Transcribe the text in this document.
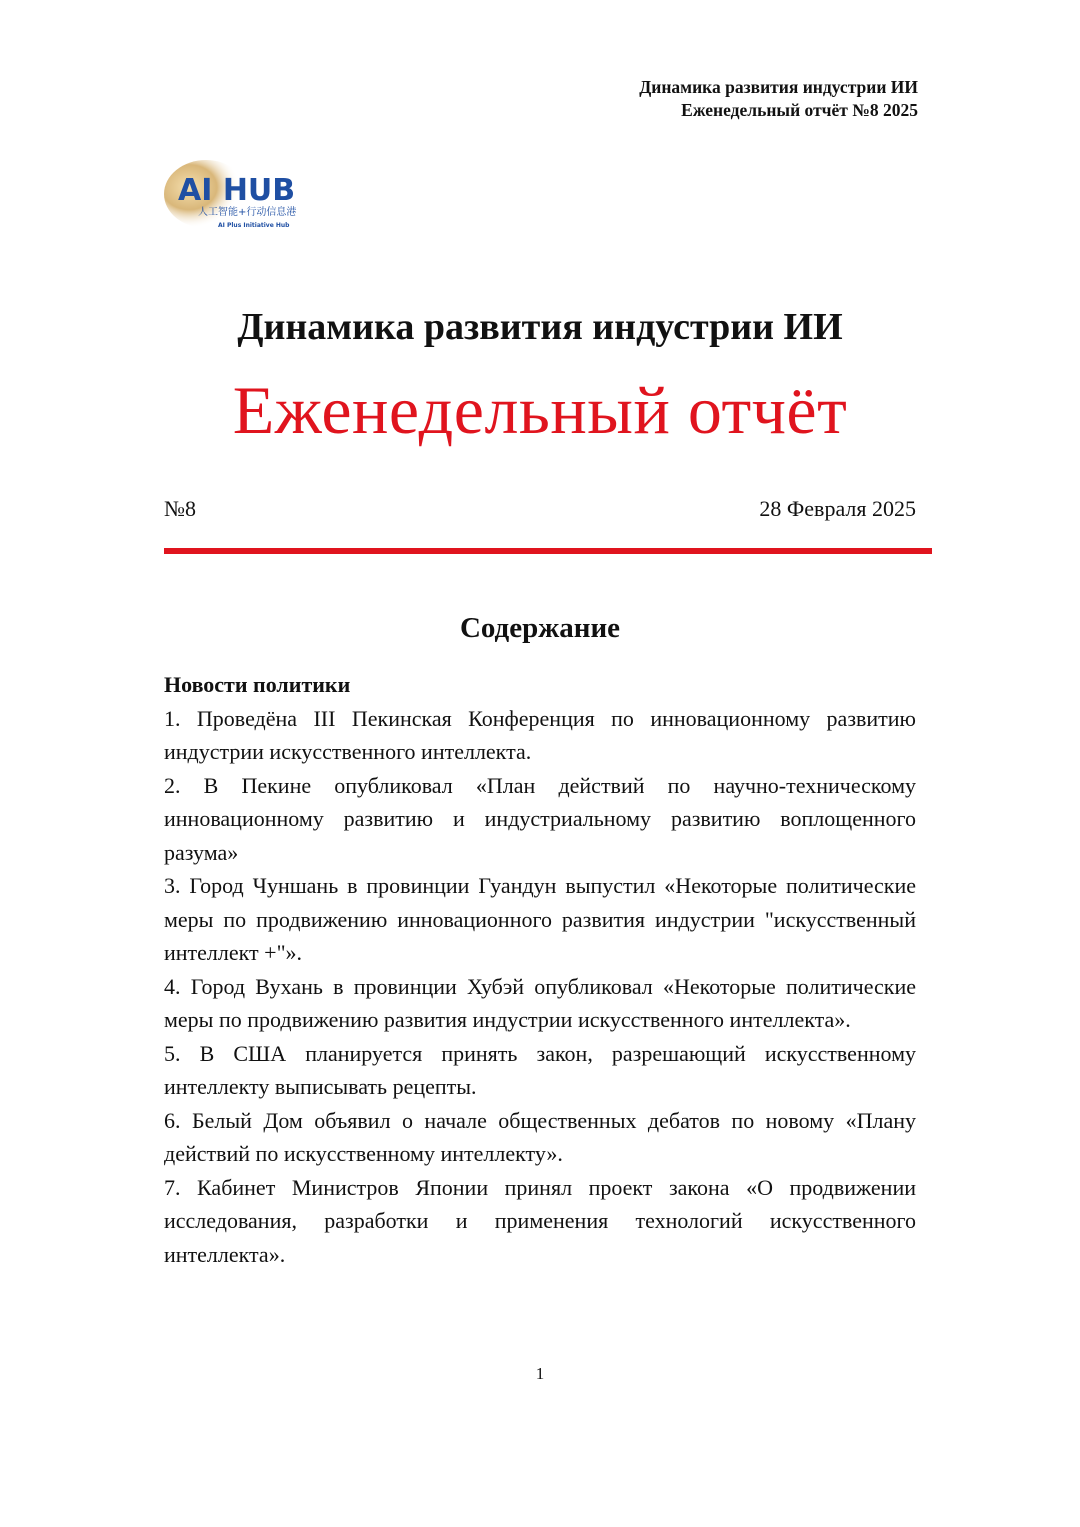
Динамика развития индустрии ИИ
Еженедельный отчёт №8 2025
AI HUB
人工智能+行动信息港
AI Plus Initiative Hub
Динамика развития индустрии ИИ
Еженедельный отчёт
№8	28 Февраля 2025
Содержание
Новости политики

1. Проведёна III Пекинская Конференция по инновационному развитию индустрии искусственного интеллекта.

2. В Пекине опубликовал «План действий по научно-техническому инновационному развитию и индустриальному развитию воплощенного разума»

3. Город Чуншань в провинции Гуандун выпустил «Некоторые политические меры по продвижению инновационного развития индустрии "искусственный интеллект +"».

4. Город Вухань в провинции Хубэй опубликовал «Некоторые политические меры по продвижению развития индустрии искусственного интеллекта».

5. В США планируется принять закон, разрешающий искусственному интеллекту выписывать рецепты.

6. Белый Дом объявил о начале общественных дебатов по новому «Плану действий по искусственному интеллекту».

7. Кабинет Министров Японии принял проект закона «О продвижении исследования, разработки и применения технологий искусственного интеллекта».

1
